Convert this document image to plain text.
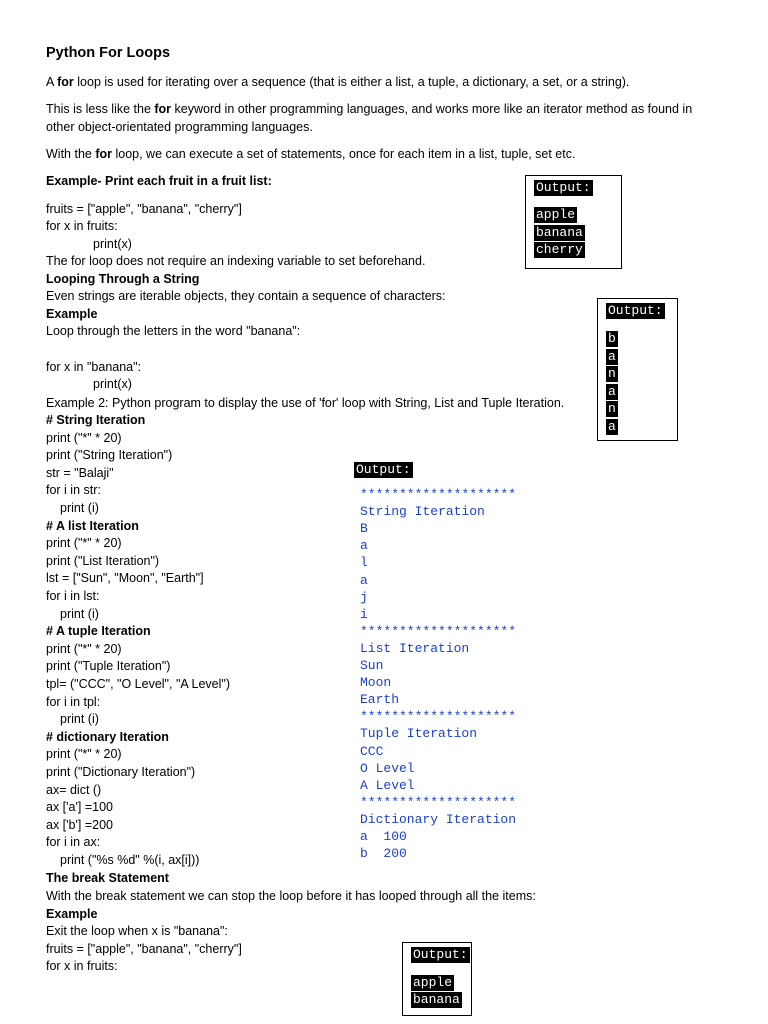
Python For Loops
A for loop is used for iterating over a sequence (that is either a list, a tuple, a dictionary, a set, or a string).
This is less like the for keyword in other programming languages, and works more like an iterator method as found in
other object-orientated programming languages.
With the for loop, we can execute a set of statements, once for each item in a list, tuple, set etc.
Example- Print each fruit in a fruit list:
fruits = ["apple", "banana", "cherry"]
for x in fruits:
print(x)
The for loop does not require an indexing variable to set beforehand.
Output:
apple
banana
cherry
Looping Through a String
Even strings are iterable objects, they contain a sequence of characters:
Example
Loop through the letters in the word "banana":
for x in "banana":
print(x)
Output:
b
a
n
a
n
a
Example 2: Python program to display the use of 'for' loop with String, List and Tuple Iteration.
# String Iteration
print ("*" * 20)
print ("String Iteration")
str = "Balaji"
for i in str:
print (i)
# A list Iteration
print ("*" * 20)
print ("List Iteration")
lst = ["Sun", "Moon", "Earth"]
for i in lst:
print (i)
# A tuple Iteration
print ("*" * 20)
print ("Tuple Iteration")
tpl= ("CCC", "O Level", "A Level")
for i in tpl:
print (i)
# dictionary Iteration
print ("*" * 20)
print ("Dictionary Iteration")
ax= dict ()
ax ['a'] =100
ax ['b'] =200
for i in ax:
print ("%s %d" %(i, ax[i]))
Output:
********************
String Iteration
B
a
l
a
j
i
********************
List Iteration
Sun
Moon
Earth
********************
Tuple Iteration
CCC
O Level
A Level
********************
Dictionary Iteration
a  100
b  200
The break Statement
With the break statement we can stop the loop before it has looped through all the items:
Example
Exit the loop when x is "banana":
fruits = ["apple", "banana", "cherry"]
for x in fruits:
Output:
apple
banana
